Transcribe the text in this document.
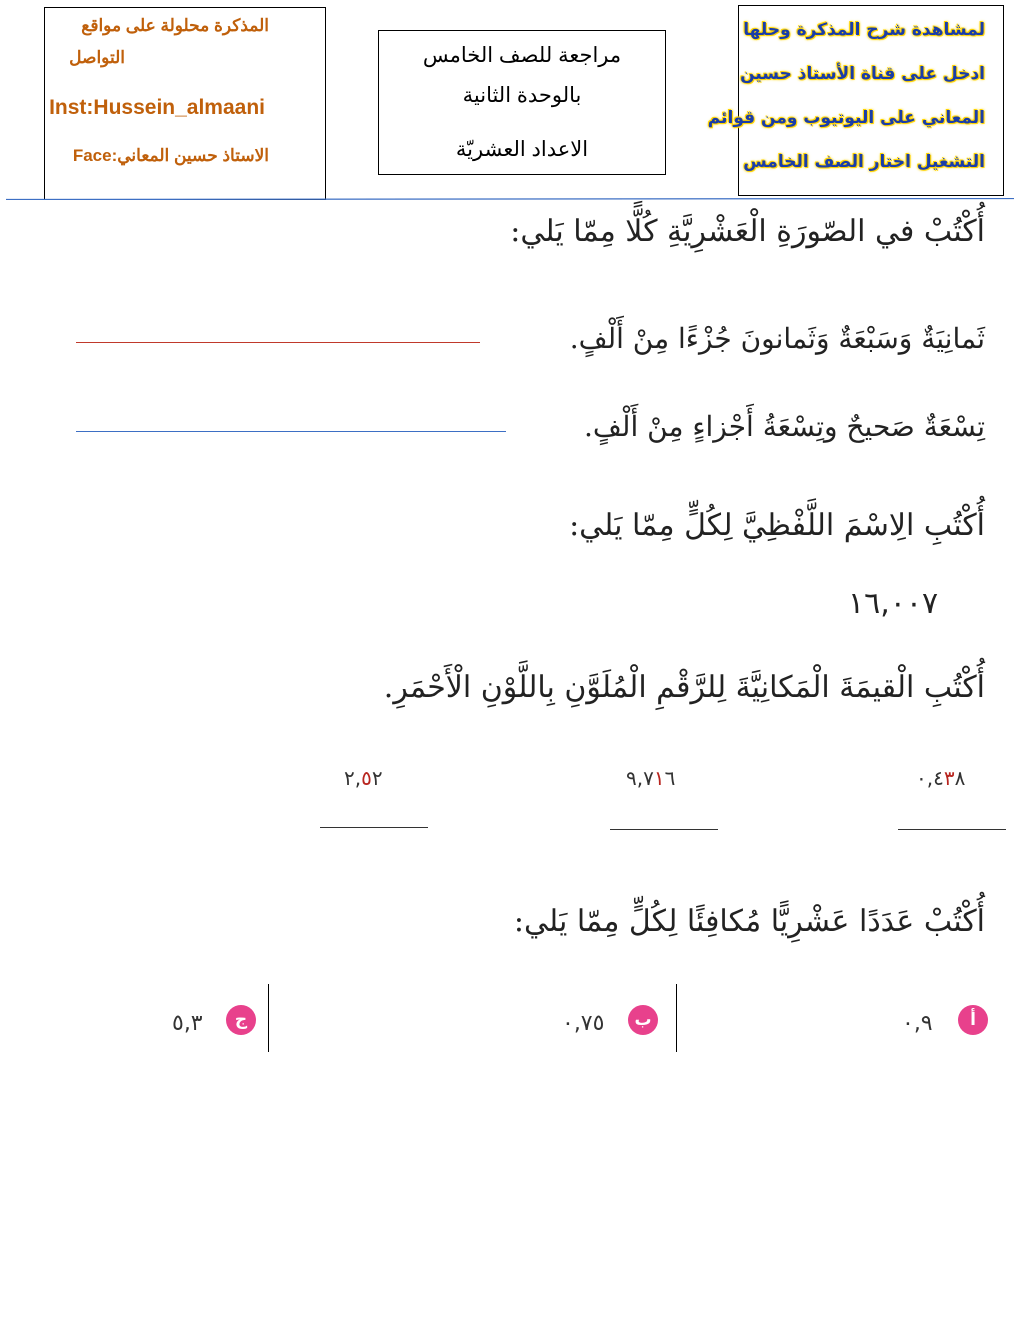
المذكرة محلولة على مواقع
التواصل
Inst:Hussein_almaani
الاستاذ حسين المعاني:Face
مراجعة للصف الخامس
بالوحدة الثانية
الاعداد العشريّة
لمشاهدة شرح المذكرة وحلها
ادخل على قناة الأستاذ حسين
المعاني على اليوتيوب ومن قوائم
التشغيل اختار الصف الخامس
أُكْتُبْ في الصّورَةِ الْعَشْرِيَّةِ كُلًّا مِمّا يَلي:
ثَمانِيَةٌ وَسَبْعَةٌ وَثَمانونَ جُزْءًا مِنْ أَلْفٍ.
تِسْعَةٌ صَحيحٌ وتِسْعَةُ أَجْزاءٍ مِنْ أَلْفٍ.
أُكْتُبِ الِاسْمَ اللَّفْظِيَّ لِكُلٍّ مِمّا يَلي:
١٦,٠٠٧
أُكْتُبِ الْقيمَةَ الْمَكانِيَّةَ لِلرَّقْمِ الْمُلَوَّنِ بِاللَّوْنِ الْأَحْمَرِ.
٠,٤٣٨
٩,٧١٦
٢,٥٢
أُكْتُبْ عَدَدًا عَشْرِيًّا مُكافِئًا لِكُلٍّ مِمّا يَلي:
أ
٠,٩
ب
٠,٧٥
ج
٥,٣
